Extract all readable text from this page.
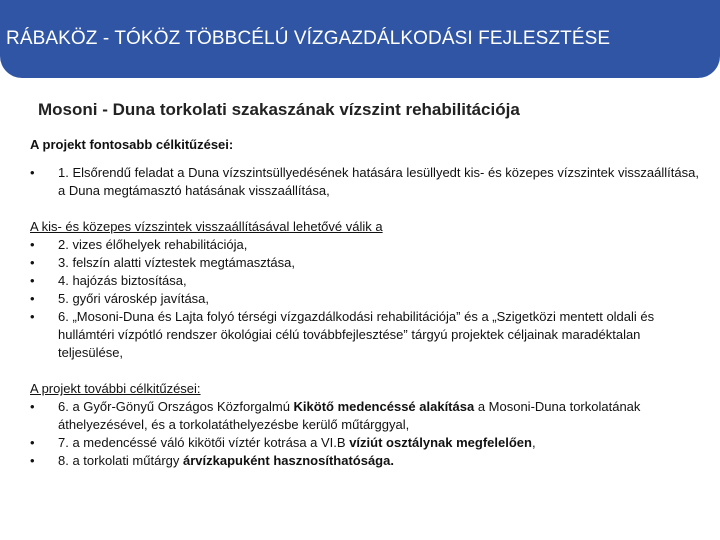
RÁBAKÖZ - TÓKÖZ TÖBBCÉLÚ VÍZGAZDÁLKODÁSI FEJLESZTÉSE
Mosoni - Duna torkolati szakaszának vízszint rehabilitációja

A projekt fontosabb célkitűzései:

• 1. Elsőrendű feladat a Duna vízszintsüllyedésének hatására lesüllyedt kis- és közepes vízszintek visszaállítása, a Duna megtámasztó hatásának visszaállítása,

A kis- és közepes vízszintek visszaállításával lehetővé válik a

• 2. vizes élőhelyek rehabilitációja,
• 3. felszín alatti víztestek megtámasztása,
• 4. hajózás biztosítása,
• 5. győri városkép javítása,
• 6. „Mosoni-Duna és Lajta folyó térségi vízgazdálkodási rehabilitációja” és a „Szigetközi mentett oldali és hullámtéri vízpótló rendszer ökológiai célú továbbfejlesztése” tárgyú projektek céljainak maradéktalan teljesülése,

A projekt további célkitűzései:

• 6. a Győr-Gönyű Országos Közforgalmú Kikötő medencéssé alakítása a Mosoni-Duna torkolatának áthelyezésével, és a torkolatáthelyezésbe kerülő műtárggyal,
• 7. a medencéssé váló kikötői víztér kotrása a VI.B víziút osztálynak megfelelően,
• 8. a torkolati műtárgy árvízkapuként hasznosíthatósága.
